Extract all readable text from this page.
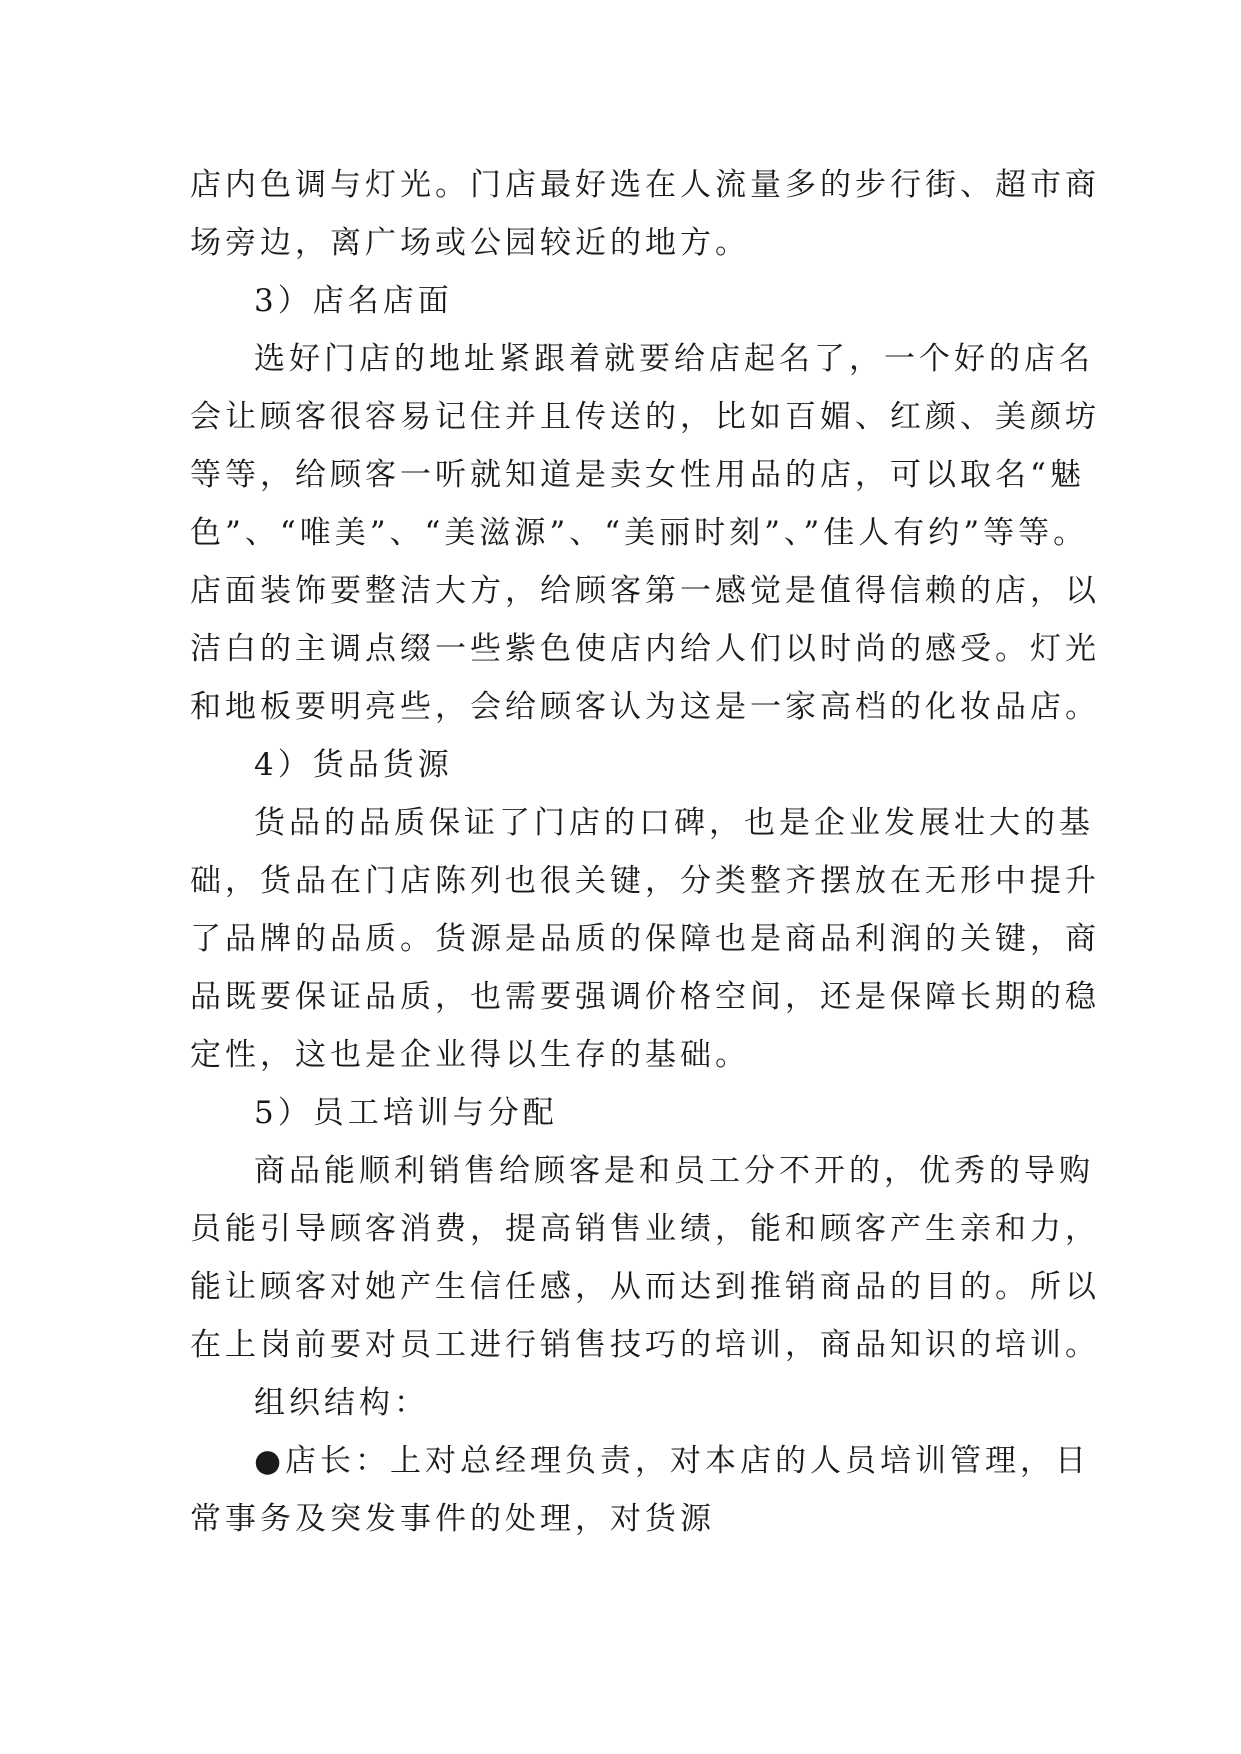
店内色调与灯光。门店最好选在人流量多的步行街、超市商
场旁边，离广场或公园较近的地方。
3）店名店面
选好门店的地址紧跟着就要给店起名了，一个好的店名
会让顾客很容易记住并且传送的，比如百媚、红颜、美颜坊
等等，给顾客一听就知道是卖女性用品的店，可以取名“魅
色”、“唯美”、“美滋源”、“美丽时刻”、”佳人有约”等等。
店面装饰要整洁大方，给顾客第一感觉是值得信赖的店，以
洁白的主调点缀一些紫色使店内给人们以时尚的感受。灯光
和地板要明亮些，会给顾客认为这是一家高档的化妆品店。
4）货品货源
货品的品质保证了门店的口碑，也是企业发展壮大的基
础，货品在门店陈列也很关键，分类整齐摆放在无形中提升
了品牌的品质。货源是品质的保障也是商品利润的关键，商
品既要保证品质，也需要强调价格空间，还是保障长期的稳
定性，这也是企业得以生存的基础。
5）员工培训与分配
商品能顺利销售给顾客是和员工分不开的，优秀的导购
员能引导顾客消费，提高销售业绩，能和顾客产生亲和力，
能让顾客对她产生信任感，从而达到推销商品的目的。所以
在上岗前要对员工进行销售技巧的培训，商品知识的培训。
组织结构：
●店长：上对总经理负责，对本店的人员培训管理，日
常事务及突发事件的处理，对货源
